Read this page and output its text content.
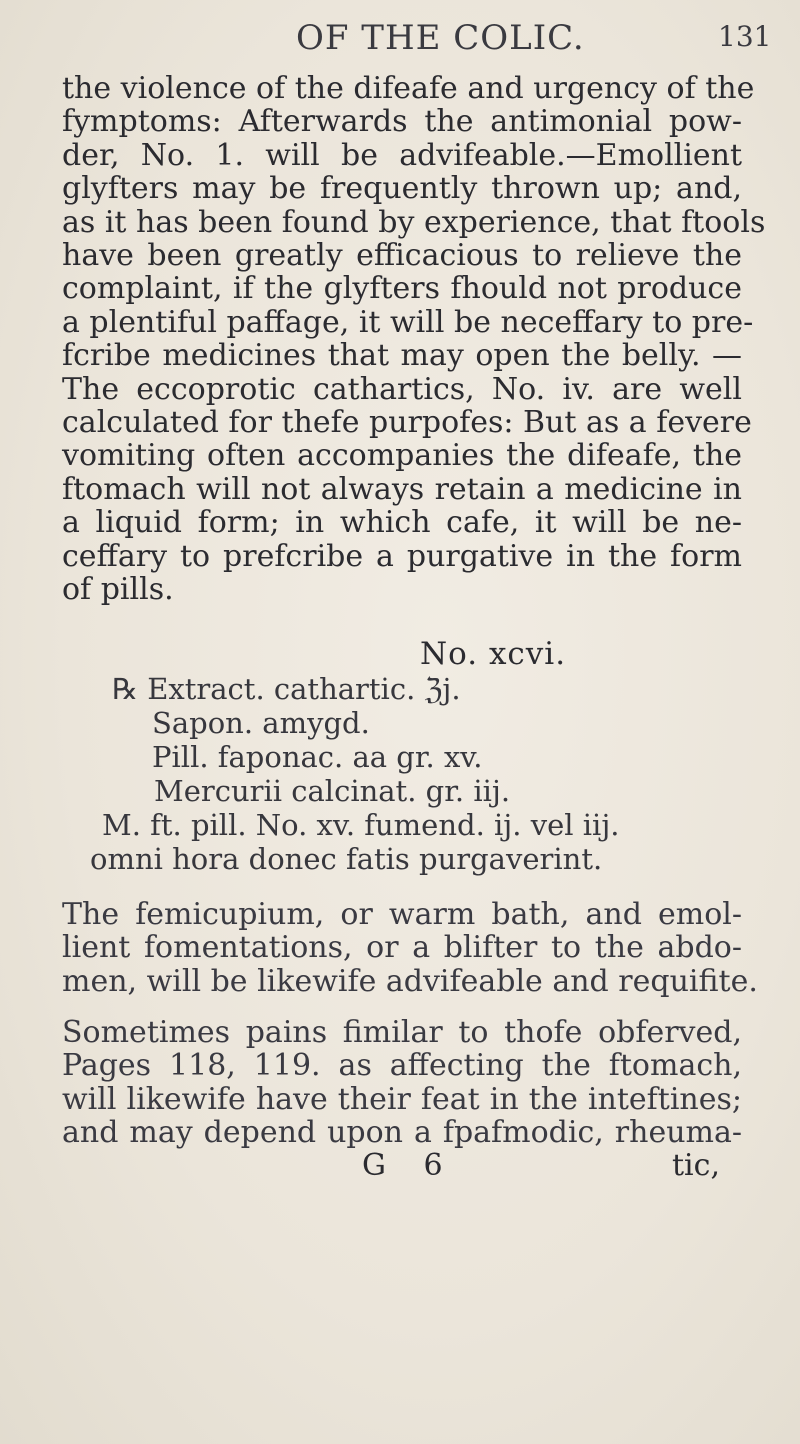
OF THE COLIC.	131
the violence of the difeafe and urgency of the
fymptoms: Afterwards the antimonial pow-
der, No. 1. will be advifeable.—Emollient
glyfters may be frequently thrown up; and,
as it has been found by experience, that ftools
have been greatly efficacious to relieve the
complaint, if the glyfters fhould not produce
a plentiful paffage, it will be neceffary to pre-
fcribe medicines that may open the belly. —
The eccoprotic cathartics, No. iv. are well
calculated for thefe purpofes: But as a fevere
vomiting often accompanies the difeafe, the
ftomach will not always retain a medicine in
a liquid form; in which cafe, it will be ne-
ceffary to prefcribe a purgative in the form
of pills.
No. xcvi.
℞ Extract. cathartic. ℨj.
Sapon. amygd.
Pill. faponac. aa gr. xv.
Mercurii calcinat. gr. iij.
M. ft. pill. No. xv. fumend. ij. vel iij.
omni hora donec fatis purgaverint.
The femicupium, or warm bath, and emol-
lient fomentations, or a blifter to the abdo-
men, will be likewife advifeable and requifite.
Sometimes pains fimilar to thofe obferved,
Pages 118, 119. as affecting the ftomach,
will likewife have their feat in the inteftines;
and may depend upon a fpafmodic, rheuma-
G 6	tic,
